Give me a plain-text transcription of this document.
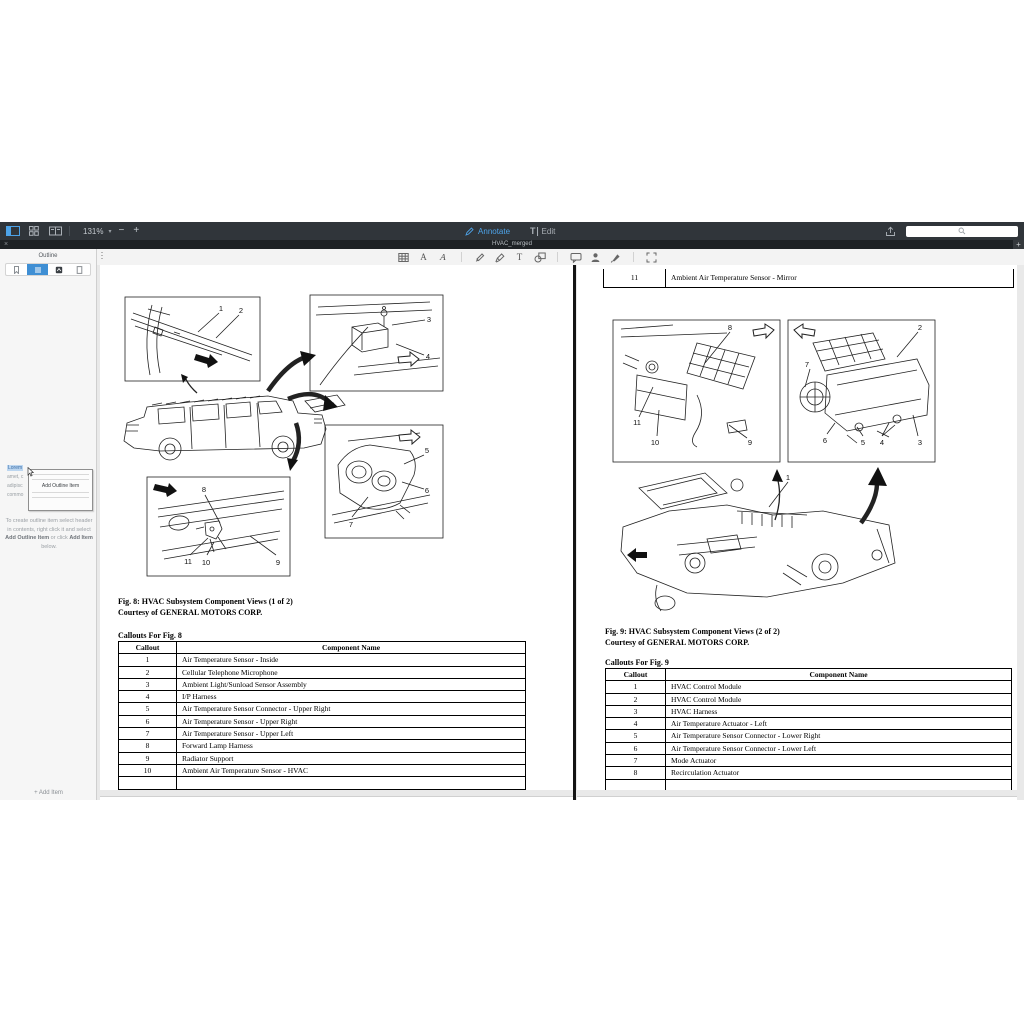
131% ▾ − +	Annotate T Edit
×	HVAC_merged	+
A A	T
Outline
Lorem
amet, c
adipisc
commo
Add Outline Item
To create outline item select header in contents, right click it and select Add Outline Item or click Add Item below.
+ Add Item
1 2
3
4
8
11 10	9
5
6
7
Fig. 8: HVAC Subsystem Component Views (1 of 2)
Courtesy of GENERAL MOTORS CORP.
Callouts For Fig. 8
Callout	Component Name
1	Air Temperature Sensor - Inside
2	Cellular Telephone Microphone
3	Ambient Light/Sunload Sensor Assembly
4	I/P Harness
5	Air Temperature Sensor Connector - Upper Right
6	Air Temperature Sensor - Upper Right
7	Air Temperature Sensor - Upper Left
8	Forward Lamp Harness
9	Radiator Support
10	Ambient Air Temperature Sensor - HVAC

11	Ambient Air Temperature Sensor - Mirror
8
11
10	9
2
7
6	5 4	3
1
Fig. 9: HVAC Subsystem Component Views (2 of 2)
Courtesy of GENERAL MOTORS CORP.
Callouts For Fig. 9
Callout	Component Name
1	HVAC Control Module
2	HVAC Control Module
3	HVAC Harness
4	Air Temperature Actuator - Left
5	Air Temperature Sensor Connector - Lower Right
6	Air Temperature Sensor Connector - Lower Left
7	Mode Actuator
8	Recirculation Actuator
